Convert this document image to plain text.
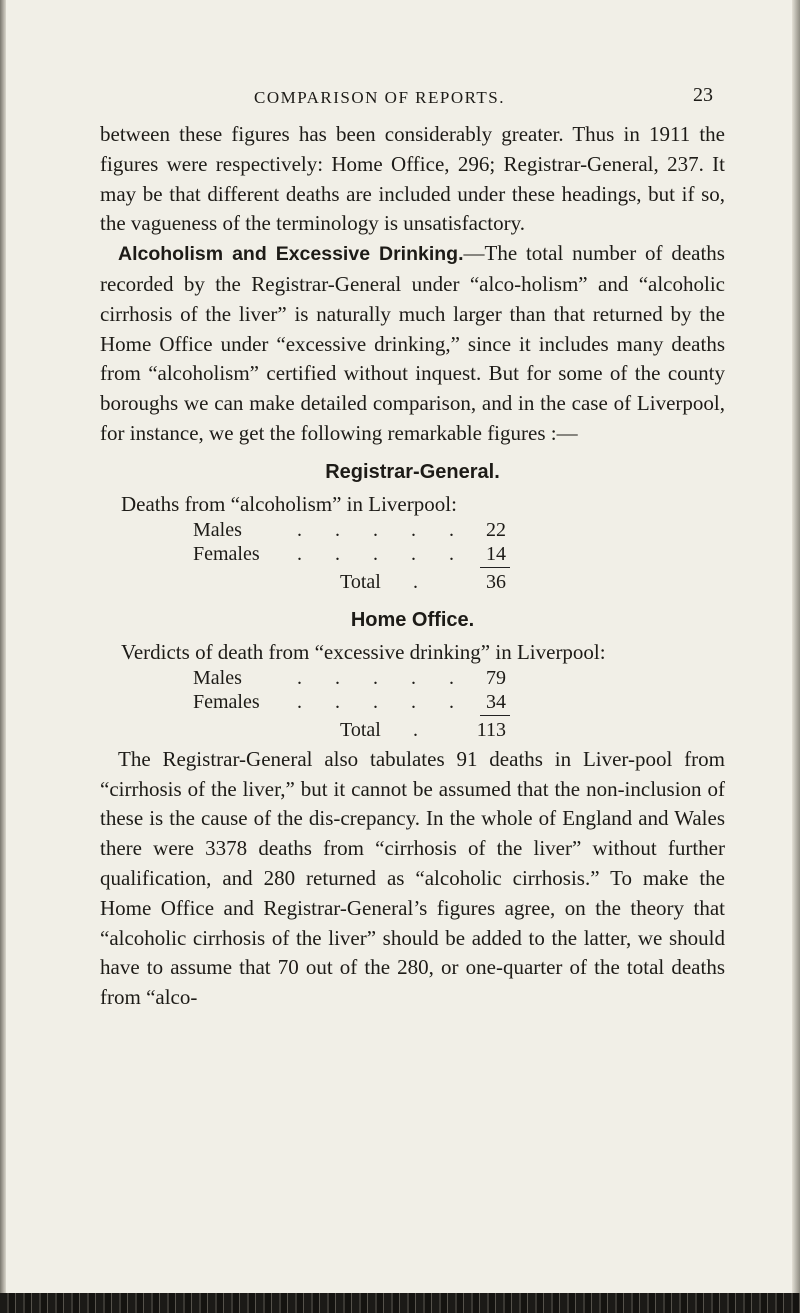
COMPARISON OF REPORTS.	23

between these figures has been considerably greater. Thus in 1911 the figures were respectively: Home Office, 296; Registrar-General, 237. It may be that different deaths are included under these headings, but if so, the vagueness of the terminology is unsatisfactory.

Alcoholism and Excessive Drinking.—The total number of deaths recorded by the Registrar-General under “alco-holism” and “alcoholic cirrhosis of the liver” is naturally much larger than that returned by the Home Office under “excessive drinking,” since it includes many deaths from “alcoholism” certified without inquest. But for some of the county boroughs we can make detailed comparison, and in the case of Liverpool, for instance, we get the following remarkable figures :—

Registrar-General.
Deaths from “alcoholism” in Liverpool:
Males	. . . . . 22
Females . . . . . 14
Total .	36
Home Office.
Verdicts of death from “excessive drinking” in Liverpool:
Males	. . . . . 79
Females . . . . . 34
Total .	113

The Registrar-General also tabulates 91 deaths in Liver-pool from “cirrhosis of the liver,” but it cannot be assumed that the non-inclusion of these is the cause of the dis-crepancy. In the whole of England and Wales there were 3378 deaths from “cirrhosis of the liver” without further qualification, and 280 returned as “alcoholic cirrhosis.” To make the Home Office and Registrar-General’s figures agree, on the theory that “alcoholic cirrhosis of the liver” should be added to the latter, we should have to assume that 70 out of the 280, or one-quarter of the total deaths from “alco-
